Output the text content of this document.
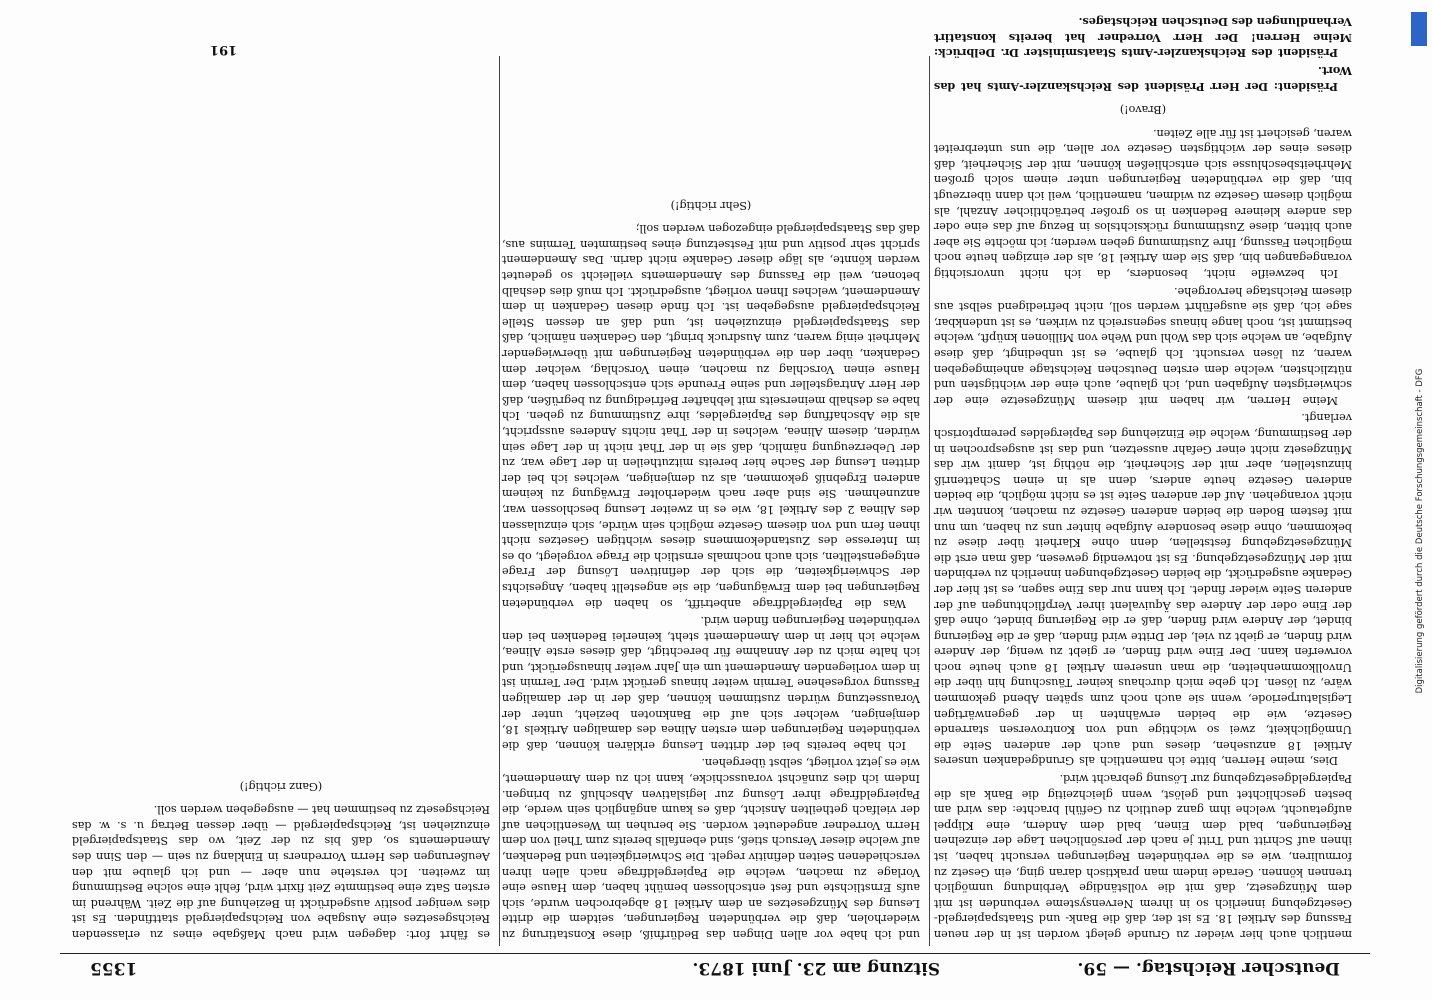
Deutscher Reichstag. — 59.
Sitzung am 23. Juni 1873.
1355

mentlich auch hier wieder zu Grunde gelegt worden ist in der neuen Fassung des Artikel 18. Es ist der, daß die Bank- und Staatspapiergeld-Gesetzgebung innerlich so in ihrem Nervensysteme verbunden ist mit dem Münzgesetz, daß mit die vollständige Verbindung unmöglich trennen können. Gerade indem man praktisch daran ging, ein Gesetz zu formuliren, wie es die verbündeten Regierungen versucht haben, ist ihnen auf Schritt und Tritt je nach der persönlichen Lage der einzelnen Regierungen, bald dem Einen, bald dem Andern, eine Klippel aufgetaucht, welche ihm ganz deutlich zu Gefühl brachte: das wird am besten geschlichtet und gelöst, wenn gleichzeitig die Bank als die Papiergeldgesetzgebung zur Lösung gebracht wird.

Dies, meine Herren, bitte ich namentlich als Grundgedanken unseres Artikel 18 anzusehen, dieses und auch der anderen Seite die Unmöglichkeit, zwei so wichtige und von Kontroversen starrende Gesetze, wie die beiden erwähnten in der gegenwärtigen Legislaturperiode, wenn sie auch noch zum späten Abend gekommen wäre, zu lösen. Ich gebe mich durchaus keiner Täuschung hin über die Unvollkommenheiten, die man unserem Artikel 18 auch heute noch vorwerfen kann. Der Eine wird finden, er giebt zu wenig, der Andere wird finden, er giebt zu viel, der Dritte wird finden, daß er die Regierung bindet, der Andere wird finden, daß er die Regierung bindet, ohne daß der Eine oder der Andere das Äquivalent ihrer Verpflichtungen auf der anderen Seite wieder findet. Ich kann nur das Eine sagen, es ist hier der Gedanke ausgedrückt, die beiden Gesetzgebungen innerlich zu verbinden mit der Münzgesetzgebung. Es ist notwendig gewesen, daß man erst die Münzgesetzgebung feststellen, denn ohne Klarheit über diese zu bekommen, ohne diese besondere Aufgabe hinter uns zu haben, um nun mit festem Boden die beiden anderen Gesetze zu machen, konnten wir nicht vorangehen. Auf der anderen Seite ist es nicht möglich, die beiden anderen Gesetze heute anders, denn als in einen Schattenriß hinzustellen, aber mit der Sicherheit, die nöthig ist, damit wir das Münzgesetz nicht einer Gefahr aussetzen, und das ist ausgesprochen in der Bestimmung, welche die Einziehung des Papiergeldes peremptorisch verlangt.

Meine Herren, wir haben mit diesem Münzgesetze eine der schwierigsten Aufgaben und, ich glaube, auch eine der wichtigsten und nützlichsten, welche dem ersten Deutschen Reichstage anheimgegeben waren, zu lösen versucht. Ich glaube, es ist unbedingt, daß diese Aufgabe, an welche sich das Wohl und Wehe von Millionen knüpft, welche bestimmt ist, noch lange hinaus segensreich zu wirken, es ist undenkbar, sage ich, daß sie ausgeführt werden soll, nicht befriedigend selbst aus diesem Reichstage hervorgehe.

Ich bezweifle nicht, besonders, da ich nicht unvorsichtig vorangegangen bin, daß Sie dem Artikel 18, als der einzigen heute noch möglichen Fassung, Ihre Zustimmung geben werden; ich möchte Sie aber auch bitten, diese Zustimmung rücksichtslos in Bezug auf das eine oder das andere kleinere Bedenken in so großer beträchtlicher Anzahl, als möglich diesem Gesetze zu widmen, namentlich, weil ich dann überzeugt bin, daß die verbündeten Regierungen unter einem solch großen Mehrheitsbeschlusse sich entschließen können, mit der Sicherheit, daß dieses eines der wichtigsten Gesetze vor allen, die uns unterbreitet waren, gesichert ist für alle Zeiten.

(Bravo!)

Präsident: Der Herr Präsident des Reichskanzler-Amts hat das Wort.

Präsident des Reichskanzler-Amts Staatsminister Dr. Delbrück: Meine Herren! Der Herr Vorredner hat bereits konstatirt Verhandlungen des Deutschen Reichstages.

und ich habe vor allen Dingen das Bedürfniß, diese Konstatirung zu wiederholen, daß die verbündeten Regierungen, seitdem die dritte Lesung des Münzgesetzes an dem Artikel 18 abgebrochen wurde, sich aufs Ernstlichste und fest entschlossen bemüht haben, dem Hause eine Vorlage zu machen, welche die Papiergeldfrage nach allen ihren verschiedenen Seiten definitiv regelt. Die Schwierigkeiten und Bedenken, auf welche dieser Versuch stieß, sind ebenfalls bereits zum Theil von dem Herrn Vorredner angedeutet worden. Sie beruhen im Wesentlichen auf der vielfach getheilten Ansicht, daß es kaum angänglich sein werde, die Papiergeldfrage ihrer Lösung zur legislativen Abschluß zu bringen. Indem ich dies zunächst vorausschicke, kann ich zu dem Amendement, wie es jetzt vorliegt, selbst übergehen.

Ich habe bereits bei der dritten Lesung erklären können, daß die verbündeten Regierungen dem ersten Alinea des damaligen Artikels 18, demjenigen, welcher sich auf die Banknoten bezieht, unter der Voraussetzung würden zustimmen können, daß der in der damaligen Fassung vorgesehene Termin weiter hinaus gerückt wird. Der Termin ist in dem vorliegenden Amendement um ein Jahr weiter hinausgerückt, und ich halte mich zu der Annahme für berechtigt, daß dieses erste Alinea, welche ich hier in dem Amendement steht, keinerlei Bedenken bei den verbündeten Regierungen finden wird.

Was die Papiergeldfrage anbetrifft, so haben die verbündeten Regierungen bei dem Erwägungen, die sie angestellt haben, Angesichts der Schwierigkeiten, die sich der definitiven Lösung der Frage entgegenstellten, sich auch nochmals ernstlich die Frage vorgelegt, ob es im Interesse des Zustandekommens dieses wichtigen Gesetzes nicht ihnen fern und von diesem Gesetze möglich sein würde, sich einzulassen des Alinea 2 des Artikel 18, wie es in zweiter Lesung beschlossen war, anzunehmen. Sie sind aber nach wiederholter Erwägung zu keinem anderen Ergebniß gekommen, als zu demjenigen, welches ich bei der dritten Lesung der Sache hier bereits mitzutheilen in der Lage war, zu der Ueberzeugung nämlich, daß sie in der That nicht in der Lage sein würden, diesem Alinea, welches in der That nichts Anderes ausspricht, als die Abschaffung des Papiergeldes, ihre Zustimmung zu geben. Ich habe es deshalb meinerseits mit lebhafter Befriedigung zu begrüßen, daß der Herr Antragsteller und seine Freunde sich entschlossen haben, dem Hause einen Vorschlag zu machen, einen Vorschlag, welcher dem Gedanken, über den die verbündeten Regierungen mit überwiegender Mehrheit einig waren, zum Ausdruck bringt, den Gedanken nämlich, daß das Staatspapiergeld einzuziehen ist, und daß an dessen Stelle Reichspapiergeld ausgegeben ist. Ich finde diesen Gedanken in dem Amendement, welches Ihnen vorliegt, ausgedrückt. Ich muß dies deshalb betonen, weil die Fassung des Amendements vielleicht so gedeutet werden könnte, als läge dieser Gedanke nicht darin. Das Amendement spricht sehr positiv und mit Festsetzung eines bestimmten Termins aus, daß das Staatspapiergeld eingezogen werden soll;

(Sehr richtig!)

es fährt fort: dagegen wird nach Maßgabe eines zu erlassenden Reichsgesetzes eine Ausgabe von Reichspapiergeld stattfinden. Es ist dies weniger positiv ausgedrückt in Beziehung auf die Zeit. Während im ersten Satz eine bestimmte Zeit fixirt wird, fehlt eine solche Bestimmung im zweiten. Ich verstehe nun aber — und ich glaube mit den Aeußerungen des Herrn Vorredners in Einklang zu sein — den Sinn des Amendements so, daß bis zu der Zeit, wo das Staatspapiergeld einzuziehen ist, Reichspapiergeld — über dessen Betrag u. s. w. das Reichsgesetz zu bestimmen hat — ausgegeben werden soll.

(Ganz richtig!)

191
Digitalisierung gefördert durch die Deutsche Forschungsgemeinschaft - DFG
